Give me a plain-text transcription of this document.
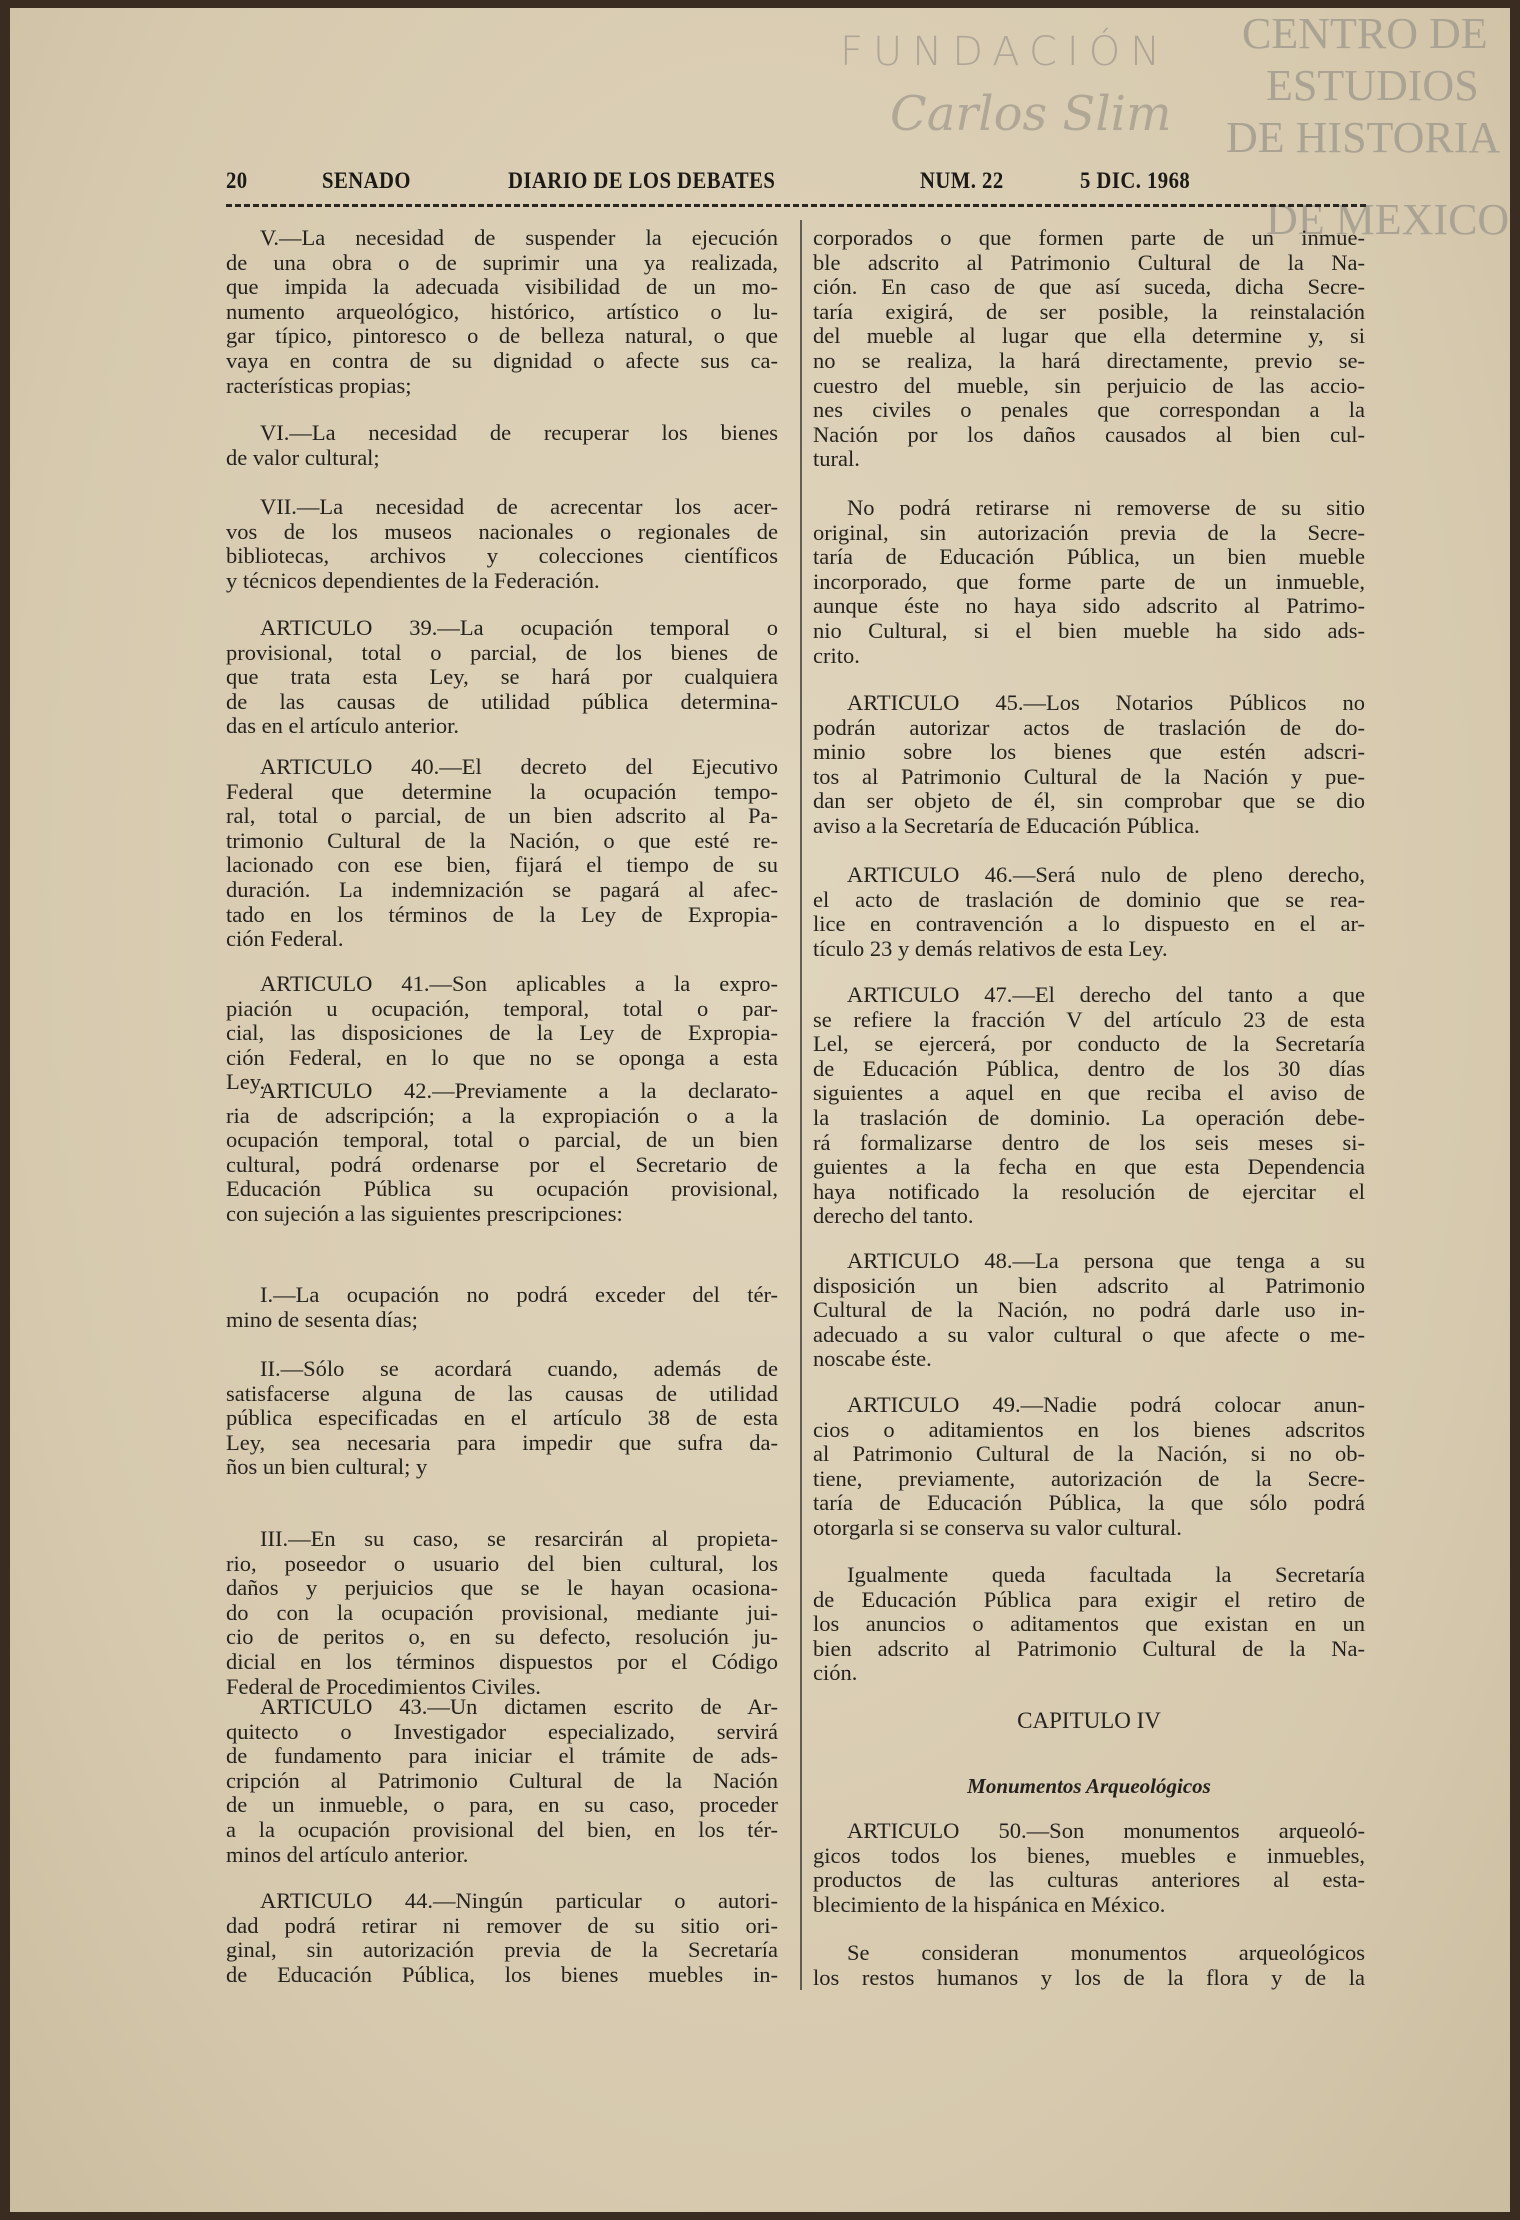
CENTRO DE
ESTUDIOS
DE HISTORIA
DE MEXICO
FUNDACIÓN
Carlos Slim
20	SENADO	DIARIO DE LOS DEBATES	NUM. 22	5 DIC. 1968
V.—La necesidad de suspender la ejecución
de una obra o de suprimir una ya realizada,
que impida la adecuada visibilidad de un mo-
numento arqueológico, histórico, artístico o lu-
gar típico, pintoresco o de belleza natural, o que
vaya en contra de su dignidad o afecte sus ca-
racterísticas propias;
VI.—La necesidad de recuperar los bienes
de valor cultural;
VII.—La necesidad de acrecentar los acer-
vos de los museos nacionales o regionales de
bibliotecas, archivos y colecciones científicos
y técnicos dependientes de la Federación.
ARTICULO 39.—La ocupación temporal o
provisional, total o parcial, de los bienes de
que trata esta Ley, se hará por cualquiera
de las causas de utilidad pública determina-
das en el artículo anterior.
ARTICULO 40.—El decreto del Ejecutivo
Federal que determine la ocupación tempo-
ral, total o parcial, de un bien adscrito al Pa-
trimonio Cultural de la Nación, o que esté re-
lacionado con ese bien, fijará el tiempo de su
duración. La indemnización se pagará al afec-
tado en los términos de la Ley de Expropia-
ción Federal.
ARTICULO 41.—Son aplicables a la expro-
piación u ocupación, temporal, total o par-
cial, las disposiciones de la Ley de Expropia-
ción Federal, en lo que no se oponga a esta
Ley.
ARTICULO 42.—Previamente a la declarato-
ria de adscripción; a la expropiación o a la
ocupación temporal, total o parcial, de un bien
cultural, podrá ordenarse por el Secretario de
Educación Pública su ocupación provisional,
con sujeción a las siguientes prescripciones:
I.—La ocupación no podrá exceder del tér-
mino de sesenta días;
II.—Sólo se acordará cuando, además de
satisfacerse alguna de las causas de utilidad
pública especificadas en el artículo 38 de esta
Ley, sea necesaria para impedir que sufra da-
ños un bien cultural; y
III.—En su caso, se resarcirán al propieta-
rio, poseedor o usuario del bien cultural, los
daños y perjuicios que se le hayan ocasiona-
do con la ocupación provisional, mediante jui-
cio de peritos o, en su defecto, resolución ju-
dicial en los términos dispuestos por el Código
Federal de Procedimientos Civiles.
ARTICULO 43.—Un dictamen escrito de Ar-
quitecto o Investigador especializado, servirá
de fundamento para iniciar el trámite de ads-
cripción al Patrimonio Cultural de la Nación
de un inmueble, o para, en su caso, proceder
a la ocupación provisional del bien, en los tér-
minos del artículo anterior.
ARTICULO 44.—Ningún particular o autori-
dad podrá retirar ni remover de su sitio ori-
ginal, sin autorización previa de la Secretaría
de Educación Pública, los bienes muebles in-
CAPITULO IV
Monumentos Arqueológicos
corporados o que formen parte de un inmue-
ble adscrito al Patrimonio Cultural de la Na-
ción. En caso de que así suceda, dicha Secre-
taría exigirá, de ser posible, la reinstalación
del mueble al lugar que ella determine y, si
no se realiza, la hará directamente, previo se-
cuestro del mueble, sin perjuicio de las accio-
nes civiles o penales que correspondan a la
Nación por los daños causados al bien cul-
tural.
No podrá retirarse ni removerse de su sitio
original, sin autorización previa de la Secre-
taría de Educación Pública, un bien mueble
incorporado, que forme parte de un inmueble,
aunque éste no haya sido adscrito al Patrimo-
nio Cultural, si el bien mueble ha sido ads-
crito.
ARTICULO 45.—Los Notarios Públicos no
podrán autorizar actos de traslación de do-
minio sobre los bienes que estén adscri-
tos al Patrimonio Cultural de la Nación y pue-
dan ser objeto de él, sin comprobar que se dio
aviso a la Secretaría de Educación Pública.
ARTICULO 46.—Será nulo de pleno derecho,
el acto de traslación de dominio que se rea-
lice en contravención a lo dispuesto en el ar-
tículo 23 y demás relativos de esta Ley.
ARTICULO 47.—El derecho del tanto a que
se refiere la fracción V del artículo 23 de esta
Lel, se ejercerá, por conducto de la Secretaría
de Educación Pública, dentro de los 30 días
siguientes a aquel en que reciba el aviso de
la traslación de dominio. La operación debe-
rá formalizarse dentro de los seis meses si-
guientes a la fecha en que esta Dependencia
haya notificado la resolución de ejercitar el
derecho del tanto.
ARTICULO 48.—La persona que tenga a su
disposición un bien adscrito al Patrimonio
Cultural de la Nación, no podrá darle uso in-
adecuado a su valor cultural o que afecte o me-
noscabe éste.
ARTICULO 49.—Nadie podrá colocar anun-
cios o aditamientos en los bienes adscritos
al Patrimonio Cultural de la Nación, si no ob-
tiene, previamente, autorización de la Secre-
taría de Educación Pública, la que sólo podrá
otorgarla si se conserva su valor cultural.
Igualmente queda facultada la Secretaría
de Educación Pública para exigir el retiro de
los anuncios o aditamentos que existan en un
bien adscrito al Patrimonio Cultural de la Na-
ción.
ARTICULO 50.—Son monumentos arqueoló-
gicos todos los bienes, muebles e inmuebles,
productos de las culturas anteriores al esta-
blecimiento de la hispánica en México.
Se consideran monumentos arqueológicos
los restos humanos y los de la flora y de la
